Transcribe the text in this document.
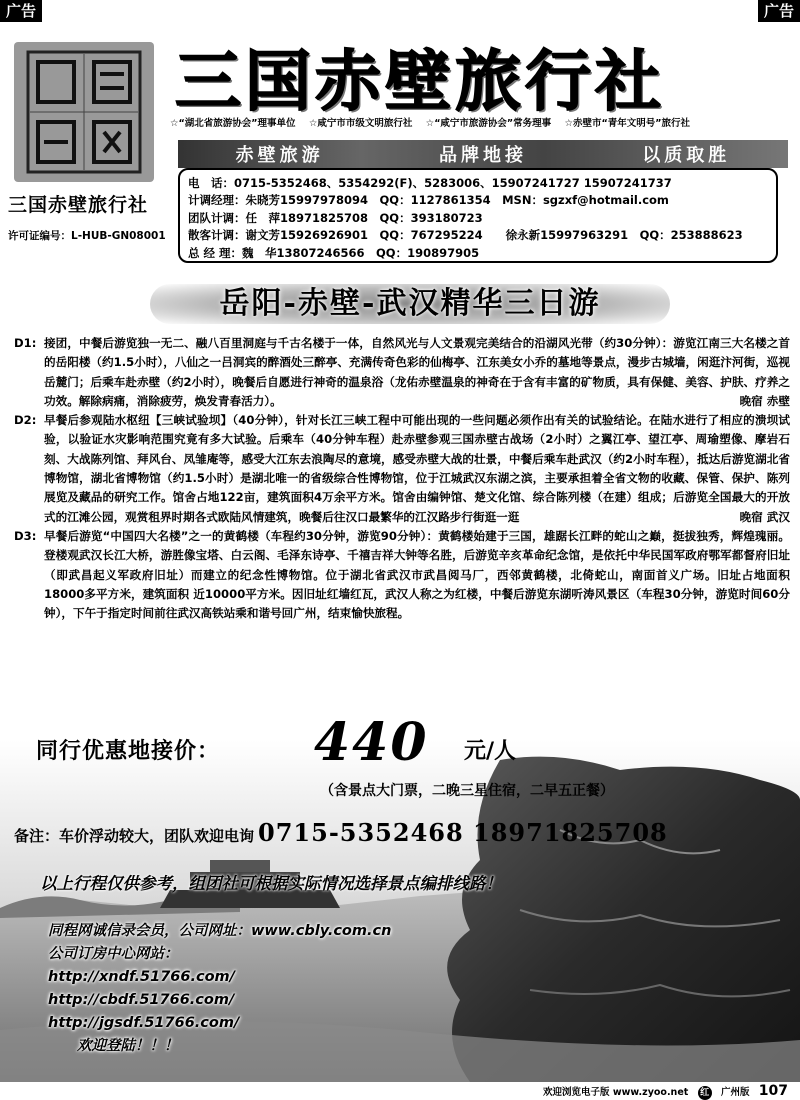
广告	广告
三国赤壁旅行社
许可证编号：L-HUB-GN08001
三国赤壁旅行社
☆“湖北省旅游协会”理事单位 ☆咸宁市市级文明旅行社 ☆“咸宁市旅游协会”常务理事 ☆赤壁市“青年文明号”旅行社
赤壁旅游	品牌地接	以质取胜
电　话：0715-5352468、5354292(F)、5283006、15907241727 15907241737
计调经理：朱晓芳15997978094　QQ：1127861354　MSN：sgzxf@hotmail.com
团队计调：任　萍18971825708　QQ：393180723
散客计调：谢文芳15926926901　QQ：767295224　　徐永新15997963291　QQ：253888623
总 经 理：魏　华13807246566　QQ：190897905
岳阳-赤壁-武汉精华三日游
D1: 接团，中餐后游览独一无二、融八百里洞庭与千古名楼于一体，自然风光与人文景观完美结合的沿湖风光带（约30分钟）：游览江南三大名楼之首的岳阳楼（约1.5小时），八仙之一吕洞宾的醉酒处三醉亭、充满传奇色彩的仙梅亭、江东美女小乔的墓地等景点，漫步古城墙，闲逛汴河街，巡视岳麓门；后乘车赴赤壁（约2小时），晚餐后自愿进行神奇的温泉浴（龙佑赤壁温泉的神奇在于含有丰富的矿物质，具有保健、美容、护肤、疗养之功效。解除病痛，消除疲劳，焕发青春活力）。	晚宿 赤壁
D2: 早餐后参观陆水枢纽【三峡试验坝】（40分钟），针对长江三峡工程中可能出现的一些问题必须作出有关的试验结论。在陆水进行了相应的溃坝试验，以验证水灾影响范围究竟有多大试验。后乘车（40分钟车程）赴赤壁参观三国赤壁古战场（2小时）之翼江亭、望江亭、周瑜塑像、摩岩石刻、大战陈列馆、拜风台、凤雏庵等，感受大江东去浪陶尽的意境，感受赤壁大战的壮景，中餐后乘车赴武汉（约2小时车程），抵达后游览湖北省博物馆，湖北省博物馆（约1.5小时）是湖北唯一的省级综合性博物馆，位于江城武汉东湖之滨，主要承担着全省文物的收藏、保管、保护、陈列展览及藏品的研究工作。馆舍占地122亩，建筑面积4万余平方米。馆舍由编钟馆、楚文化馆、综合陈列楼（在建）组成；后游览全国最大的开放式的江滩公园，观赏租界时期各式欧陆风情建筑，晚餐后往汉口最繁华的江汉路步行街逛一逛	晚宿 武汉
D3: 早餐后游览“中国四大名楼”之一的黄鹤楼（车程约30分钟，游览90分钟）：黄鹤楼始建于三国，雄踞长江畔的蛇山之巅，挺拔独秀，辉煌瑰丽。登楼观武汉长江大桥，游胜像宝塔、白云阁、毛泽东诗亭、千禧吉祥大钟等名胜，后游览辛亥革命纪念馆，是依托中华民国军政府鄂军都督府旧址（即武昌起义军政府旧址）而建立的纪念性博物馆。位于湖北省武汉市武昌阅马厂，西邻黄鹤楼，北倚蛇山，南面首义广场。旧址占地面积18000多平方米，建筑面积 近10000平方米。因旧址红墙红瓦，武汉人称之为红楼，中餐后游览东湖听涛风景区（车程30分钟，游览时间60分钟），下午于指定时间前往武汉高铁站乘和谐号回广州，结束愉快旅程。
同行优惠地接价： 440 元/人
（含景点大门票，二晚三星住宿，二早五正餐）
备注：车价浮动较大，团队欢迎电询 0715-5352468 18971825708
以上行程仅供参考，组团社可根据实际情况选择景点编排线路！
同程网诚信录会员，公司网址：www.cbly.com.cn
公司订房中心网站：
http://xndf.51766.com/
http://cbdf.51766.com/
http://jgsdf.51766.com/
　　欢迎登陆！！！
欢迎浏览电子版 www.zyoo.net 红 广州版 107
